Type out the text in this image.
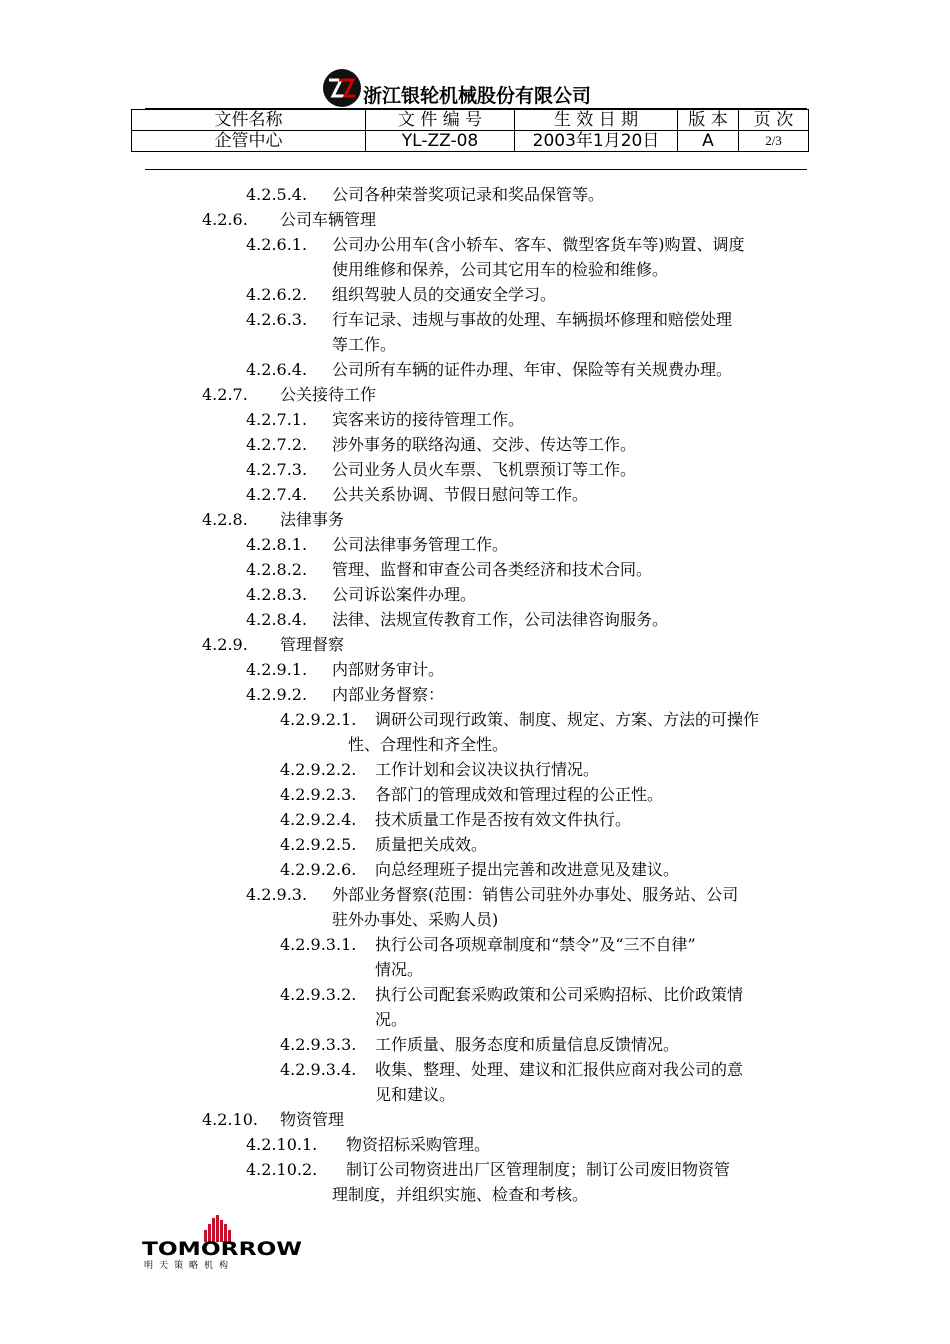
浙江银轮机械股份有限公司
文件名称	文 件 编 号	生 效 日 期	版 本	页 次
企管中心	YL-ZZ-08	2003年1月20日	A	2/3
4.2.5.4. 公司各种荣誉奖项记录和奖品保管等。
4.2.6. 公司车辆管理
4.2.6.1. 公司办公用车(含小轿车、客车、微型客货车等)购置、调度
使用维修和保养，公司其它用车的检验和维修。
4.2.6.2. 组织驾驶人员的交通安全学习。
4.2.6.3. 行车记录、违规与事故的处理、车辆损坏修理和赔偿处理
等工作。
4.2.6.4. 公司所有车辆的证件办理、年审、保险等有关规费办理。
4.2.7. 公关接待工作
4.2.7.1. 宾客来访的接待管理工作。
4.2.7.2. 涉外事务的联络沟通、交涉、传达等工作。
4.2.7.3. 公司业务人员火车票、飞机票预订等工作。
4.2.7.4. 公共关系协调、节假日慰问等工作。
4.2.8. 法律事务
4.2.8.1. 公司法律事务管理工作。
4.2.8.2. 管理、监督和审查公司各类经济和技术合同。
4.2.8.3. 公司诉讼案件办理。
4.2.8.4. 法律、法规宣传教育工作，公司法律咨询服务。
4.2.9. 管理督察
4.2.9.1. 内部财务审计。
4.2.9.2. 内部业务督察：
4.2.9.2.1. 调研公司现行政策、制度、规定、方案、方法的可操作
性、合理性和齐全性。
4.2.9.2.2. 工作计划和会议决议执行情况。
4.2.9.2.3. 各部门的管理成效和管理过程的公正性。
4.2.9.2.4. 技术质量工作是否按有效文件执行。
4.2.9.2.5. 质量把关成效。
4.2.9.2.6. 向总经理班子提出完善和改进意见及建议。
4.2.9.3. 外部业务督察(范围：销售公司驻外办事处、服务站、公司
驻外办事处、采购人员)
4.2.9.3.1. 执行公司各项规章制度和“禁令”及“三不自律”
情况。
4.2.9.3.2. 执行公司配套采购政策和公司采购招标、比价政策情
况。
4.2.9.3.3. 工作质量、服务态度和质量信息反馈情况。
4.2.9.3.4. 收集、整理、处理、建议和汇报供应商对我公司的意
见和建议。
4.2.10. 物资管理
4.2.10.1. 物资招标采购管理。
4.2.10.2. 制订公司物资进出厂区管理制度；制订公司废旧物资管
理制度，并组织实施、检查和考核。
TOMORROW
明天策略机构
